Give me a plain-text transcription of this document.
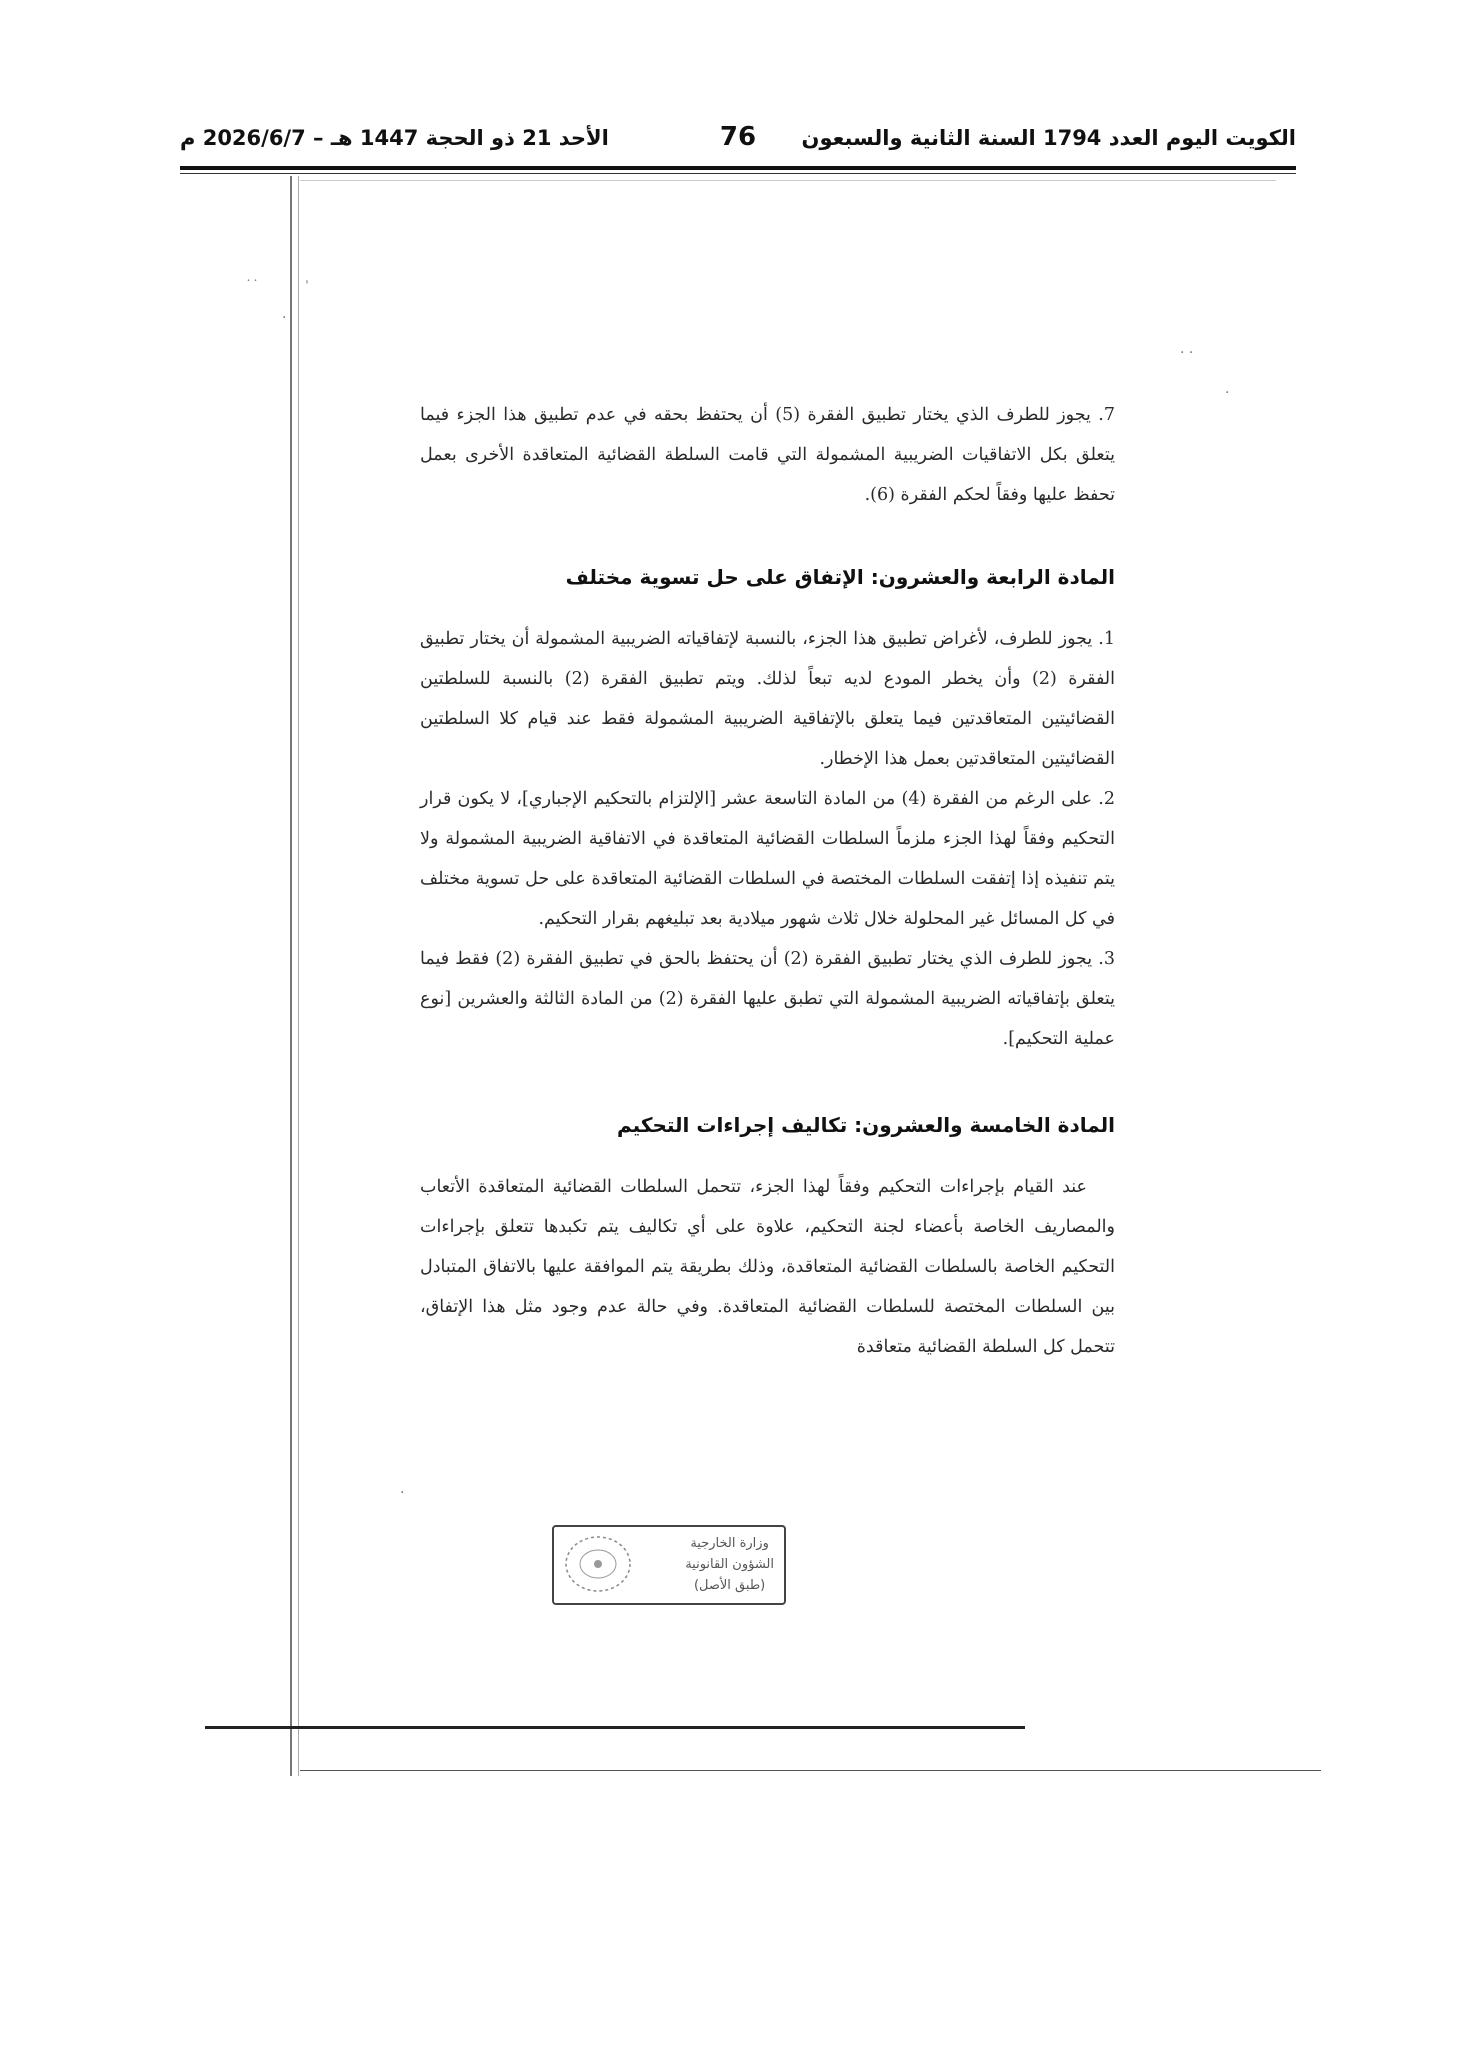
الكويت اليوم العدد 1794 السنة الثانية والسبعون
76
الأحد 21 ذو الحجة 1447 هـ – 2026/6/7 م
˙˙	ˌ
·
· ·
·
·

7. يجوز للطرف الذي يختار تطبيق الفقرة (5) أن يحتفظ بحقه في عدم تطبيق هذا الجزء فيما يتعلق بكل الاتفاقيات الضريبية المشمولة التي قامت السلطة القضائية المتعاقدة الأخرى بعمل تحفظ عليها وفقاً لحكم الفقرة (6).

المادة الرابعة والعشرون: الإتفاق على حل تسوية مختلف

1. يجوز للطرف، لأغراض تطبيق هذا الجزء، بالنسبة لإتفاقياته الضريبية المشمولة أن يختار تطبيق الفقرة (2) وأن يخطر المودع لديه تبعاً لذلك. ويتم تطبيق الفقرة (2) بالنسبة للسلطتين القضائيتين المتعاقدتين فيما يتعلق بالإتفاقية الضريبية المشمولة فقط عند قيام كلا السلطتين القضائيتين المتعاقدتين بعمل هذا الإخطار.

2. على الرغم من الفقرة (4) من المادة التاسعة عشر [الإلتزام بالتحكيم الإجباري]، لا يكون قرار التحكيم وفقاً لهذا الجزء ملزماً السلطات القضائية المتعاقدة في الاتفاقية الضريبية المشمولة ولا يتم تنفيذه إذا إتفقت السلطات المختصة في السلطات القضائية المتعاقدة على حل تسوية مختلف في كل المسائل غير المحلولة خلال ثلاث شهور ميلادية بعد تبليغهم بقرار التحكيم.

3. يجوز للطرف الذي يختار تطبيق الفقرة (2) أن يحتفظ بالحق في تطبيق الفقرة (2) فقط فيما يتعلق بإتفاقياته الضريبية المشمولة التي تطبق عليها الفقرة (2) من المادة الثالثة والعشرين [نوع عملية التحكيم].

المادة الخامسة والعشرون: تكاليف إجراءات التحكيم

عند القيام بإجراءات التحكيم وفقاً لهذا الجزء، تتحمل السلطات القضائية المتعاقدة الأتعاب والمصاريف الخاصة بأعضاء لجنة التحكيم، علاوة على أي تكاليف يتم تكبدها تتعلق بإجراءات التحكيم الخاصة بالسلطات القضائية المتعاقدة، وذلك بطريقة يتم الموافقة عليها بالاتفاق المتبادل بين السلطات المختصة للسلطات القضائية المتعاقدة. وفي حالة عدم وجود مثل هذا الإتفاق، تتحمل كل السلطة القضائية متعاقدة

وزارة الخارجية
الشؤون القانونية
(طبق الأصل)
